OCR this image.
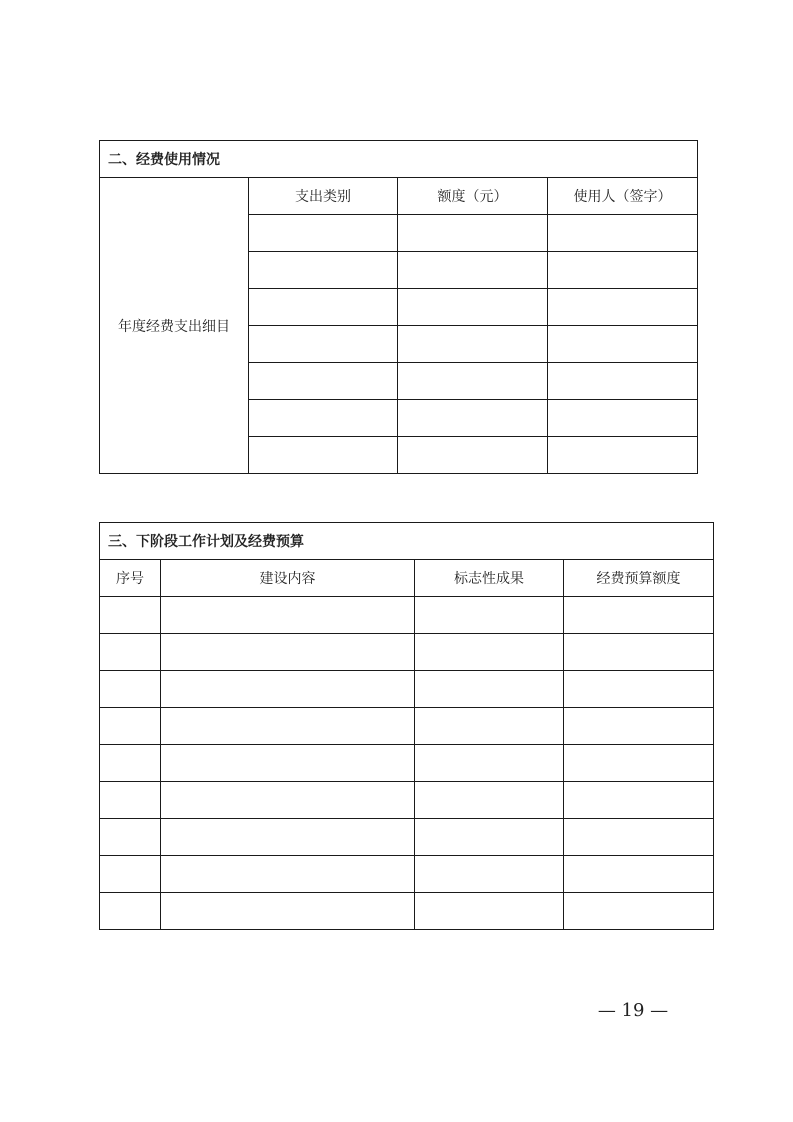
二、经费使用情况			
年度经费支出细目	支出类别	额度（元）	使用人（签字）

三、下阶段工作计划及经费预算			
序号	建设内容	标志性成果	经费预算额度

— 19 —
